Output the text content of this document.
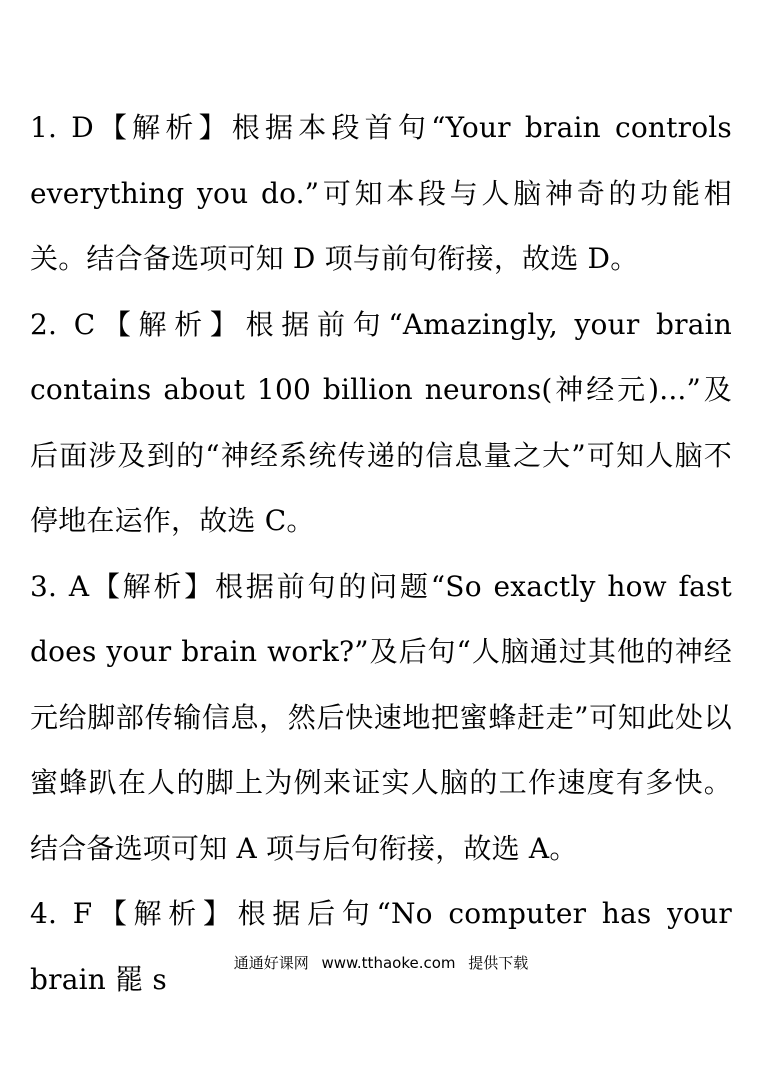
1. D【解析】根据本段首句“Your brain controls everything you do.”可知本段与人脑神奇的功能相关。结合备选项可知 D 项与前句衔接，故选 D。

2. C【解析】根据前句“Amazingly, your brain contains about 100 billion neurons(神经元)...”及后面涉及到的“神经系统传递的信息量之大”可知人脑不停地在运作，故选 C。

3. A【解析】根据前句的问题“So exactly how fast does your brain work?”及后句“人脑通过其他的神经元给脚部传输信息，然后快速地把蜜蜂赶走”可知此处以蜜蜂趴在人的脚上为例来证实人脑的工作速度有多快。结合备选项可知 A 项与后句衔接，故选 A。

4. F【解析】根据后句“No computer has your brain 罷 s	通通好课网 www.tthaoke.com 提供下载
